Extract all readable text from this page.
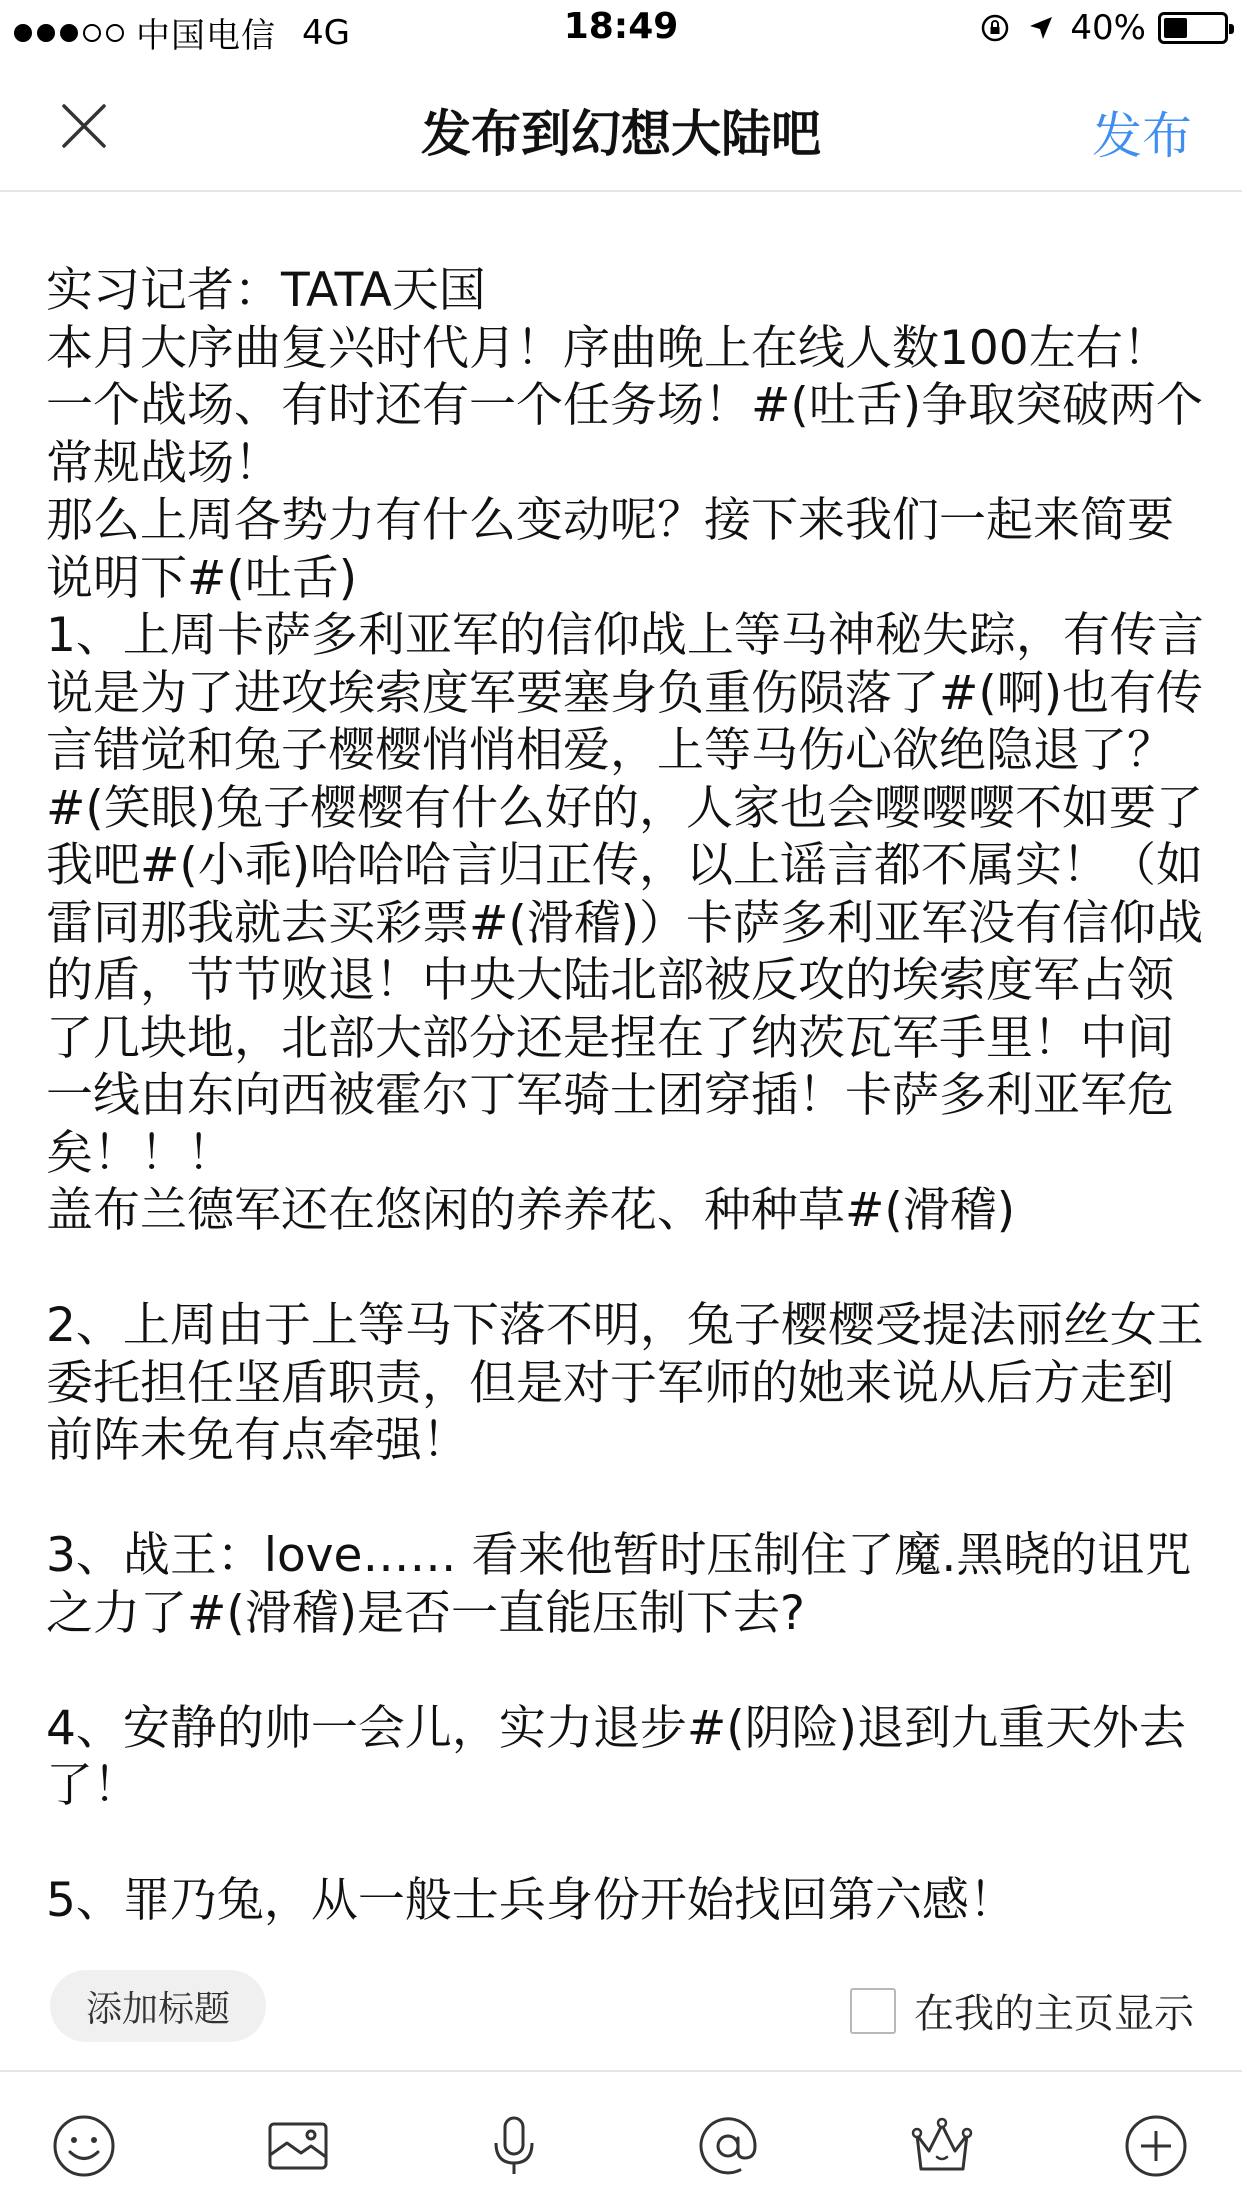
中国电信 4G	18:49	40%
发布到幻想大陆吧	发布
实习记者：TATA天国
本月大序曲复兴时代月！序曲晚上在线人数100左右！
一个战场、有时还有一个任务场！#(吐舌)争取突破两个
常规战场！
那么上周各势力有什么变动呢？接下来我们一起来简要
说明下#(吐舌)
1、上周卡萨多利亚军的信仰战上等马神秘失踪，有传言
说是为了进攻埃索度军要塞身负重伤陨落了#(啊)也有传
言错觉和兔子樱樱悄悄相爱，上等马伤心欲绝隐退了？
#(笑眼)兔子樱樱有什么好的，人家也会嘤嘤嘤不如要了
我吧#(小乖)哈哈哈言归正传，以上谣言都不属实！（如
雷同那我就去买彩票#(滑稽)）卡萨多利亚军没有信仰战
的盾，节节败退！中央大陆北部被反攻的埃索度军占领
了几块地，北部大部分还是捏在了纳茨瓦军手里！中间
一线由东向西被霍尔丁军骑士团穿插！卡萨多利亚军危
矣！！！
盖布兰德军还在悠闲的养养花、种种草#(滑稽)
2、上周由于上等马下落不明，兔子樱樱受提法丽丝女王
委托担任坚盾职责，但是对于军师的她来说从后方走到
前阵未免有点牵强！
3、战王：love…… 看来他暂时压制住了魔.黑晓的诅咒
之力了#(滑稽)是否一直能压制下去?
4、安静的帅一会儿，实力退步#(阴险)退到九重天外去
了！
5、罪乃兔，从一般士兵身份开始找回第六感！
添加标题	在我的主页显示
